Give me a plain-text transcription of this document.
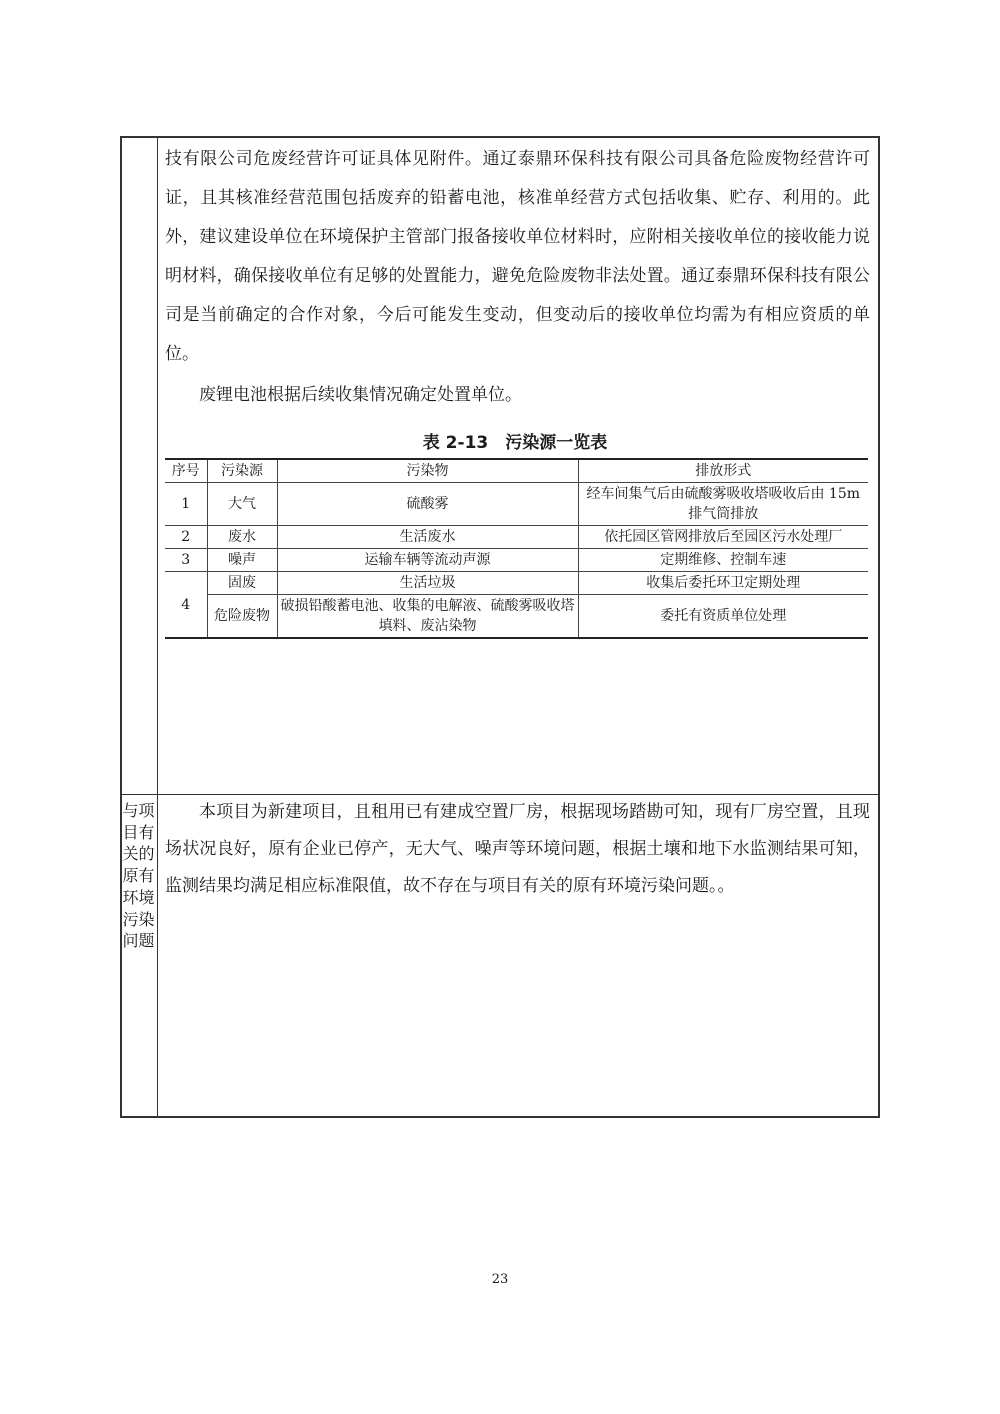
技有限公司危废经营许可证具体见附件。通辽泰鼎环保科技有限公司具备危险废物经营许可证，且其核准经营范围包括废弃的铅蓄电池，核准单经营方式包括收集、贮存、利用的。此外，建议建设单位在环境保护主管部门报备接收单位材料时，应附相关接收单位的接收能力说明材料，确保接收单位有足够的处置能力，避免危险废物非法处置。通辽泰鼎环保科技有限公司是当前确定的合作对象，今后可能发生变动，但变动后的接收单位均需为有相应资质的单位。

废锂电池根据后续收集情况确定处置单位。

表 2-13　污染源一览表
序号	污染源	污染物	排放形式
1	大气	硫酸雾	经车间集气后由硫酸雾吸收塔吸收后由 15m 排气筒排放
2	废水	生活废水	依托园区管网排放后至园区污水处理厂
3	噪声	运输车辆等流动声源	定期维修、控制车速
4	固废	生活垃圾	收集后委托环卫定期处理
	危险废物	破损铅酸蓄电池、收集的电解液、硫酸雾吸收塔填料、废沾染物	委托有资质单位处理
与项目有关的原有环境污染问题

本项目为新建项目，且租用已有建成空置厂房，根据现场踏勘可知，现有厂房空置，且现场状况良好，原有企业已停产，无大气、噪声等环境问题，根据土壤和地下水监测结果可知，监测结果均满足相应标准限值，故不存在与项目有关的原有环境污染问题。。

23
